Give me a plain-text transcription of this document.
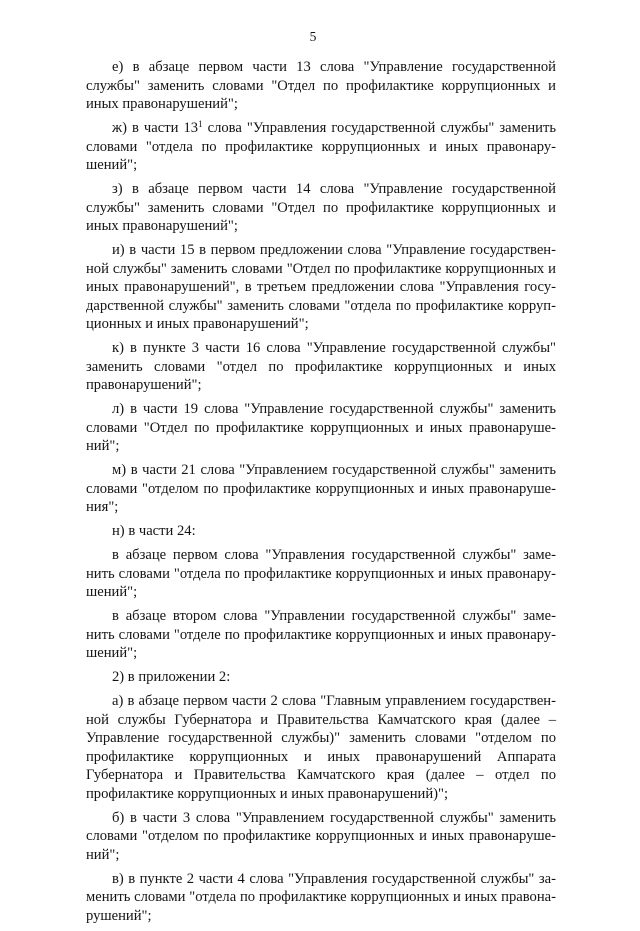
5

е) в абзаце первом части 13 слова "Управление государственной службы" заменить словами "Отдел по профилактике коррупционных и иных правонарушений";

ж) в части $13^1$ слова "Управления государственной службы" заменить словами "отдела по профилактике коррупционных и иных правонарушений";

з) в абзаце первом части 14 слова "Управление государственной службы" заменить словами "Отдел по профилактике коррупционных и иных правонарушений";

и) в части 15 в первом предложении слова "Управление государственной службы" заменить словами "Отдел по профилактике коррупционных и иных правонарушений", в третьем предложении слова "Управления государственной службы" заменить словами "отдела по профилактике коррупционных и иных правонарушений";

к) в пункте 3 части 16 слова "Управление государственной службы" заменить словами "отдел по профилактике коррупционных и иных правонарушений";

л) в части 19 слова "Управление государственной службы" заменить словами "Отдел по профилактике коррупционных и иных правонарушений";

м) в части 21 слова "Управлением государственной службы" заменить словами "отделом по профилактике коррупционных и иных правонарушения";

н) в части 24:

в абзаце первом слова "Управления государственной службы" заменить словами "отдела по профилактике коррупционных и иных правонарушений";

в абзаце втором слова "Управлении государственной службы" заменить словами "отделе по профилактике коррупционных и иных правонарушений";

2) в приложении 2:

а) в абзаце первом части 2 слова "Главным управлением государственной службы Губернатора и Правительства Камчатского края (далее – Управление государственной службы)" заменить словами "отделом по профилактике коррупционных и иных правонарушений Аппарата Губернатора и Правительства Камчатского края (далее – отдел по профилактике коррупционных и иных правонарушений)";

б) в части 3 слова "Управлением государственной службы" заменить словами "отделом по профилактике коррупционных и иных правонарушений";

в) в пункте 2 части 4 слова "Управления государственной службы" заменить словами "отдела по профилактике коррупционных и иных правонарушений";
